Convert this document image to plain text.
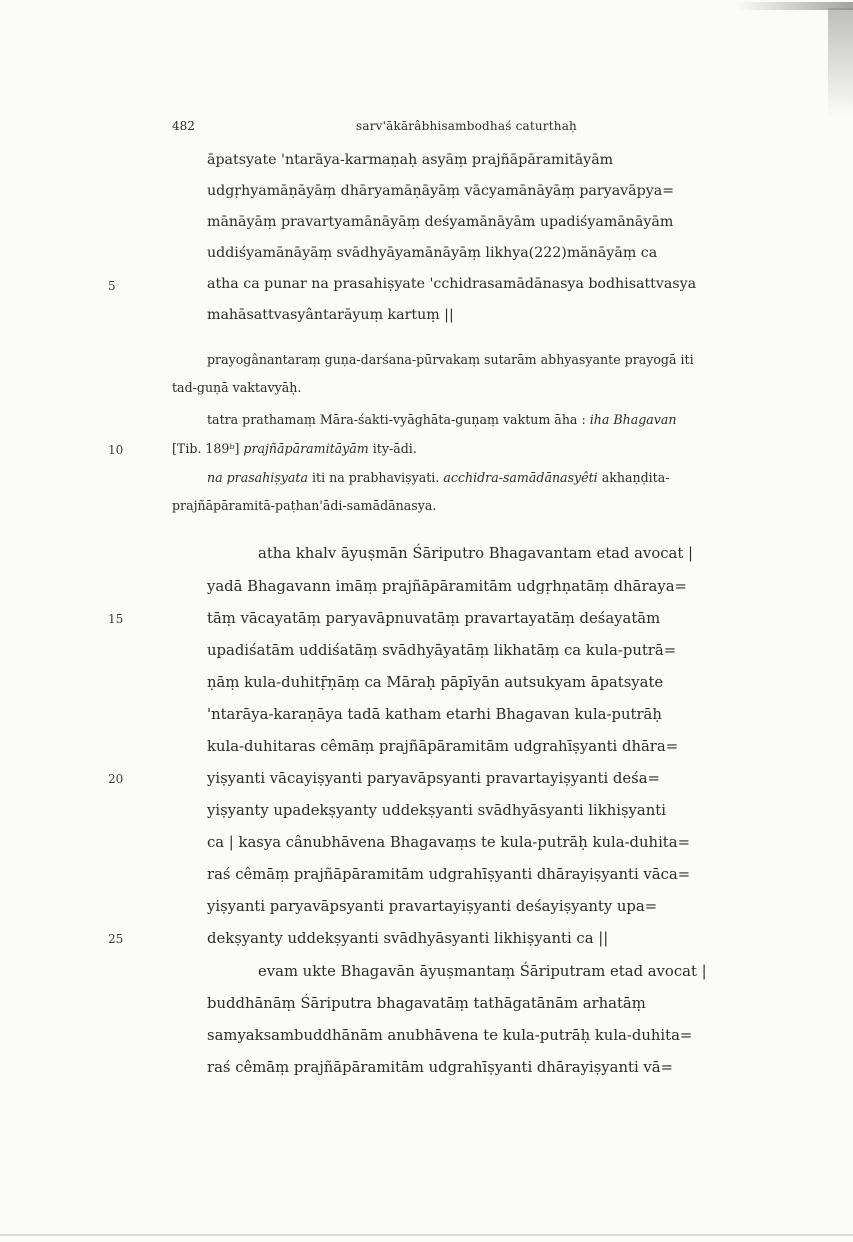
482	sarv'ākārâbhisambodhaś caturthaḥ
āpatsyate 'ntarāya-karmaṇaḥ asyāṃ prajñāpāramitāyām
udgṛhyamāṇāyāṃ dhāryamāṇāyāṃ vācyamānāyāṃ paryavāpya=
mānāyāṃ pravartyamānāyāṃ deśyamānāyām upadiśyamānāyām
uddiśyamānāyāṃ svādhyāyamānāyāṃ likhya(222)mānāyāṃ ca
atha ca punar na prasahiṣyate 'cchidrasamādānasya bodhisattvasya
mahāsattvasyântarāyuṃ kartuṃ ||
prayogânantaraṃ guṇa-darśana-pūrvakaṃ sutarām abhyasyante prayogā iti
tad-guṇā vaktavyāḥ.
tatra prathamaṃ Māra-śakti-vyāghāta-guṇaṃ vaktum āha : iha Bhagavan
[Tib. 189ᵇ] prajñāpāramitāyām ity-ādi.
na prasahiṣyata iti na prabhaviṣyati. acchidra-samādānasyêti akhaṇḍita-
prajñāpāramitā-paṭhan'ādi-samādānasya.
atha khalv āyuṣmān Śāriputro Bhagavantam etad avocat |
yadā Bhagavann imāṃ prajñāpāramitām udgṛhṇatāṃ dhāraya=
tāṃ vācayatāṃ paryavāpnuvatāṃ pravartayatāṃ deśayatām
upadiśatām uddiśatāṃ svādhyāyatāṃ likhatāṃ ca kula-putrā=
ṇāṃ kula-duhitṝṇāṃ ca Māraḥ pāpīyān autsukyam āpatsyate
'ntarāya-karaṇāya tadā katham etarhi Bhagavan kula-putrāḥ
kula-duhitaras cêmāṃ prajñāpāramitām udgrahīṣyanti dhāra=
yiṣyanti vācayiṣyanti paryavāpsyanti pravartayiṣyanti deśa=
yiṣyanty upadekṣyanty uddekṣyanti svādhyāsyanti likhiṣyanti
ca | kasya cânubhāvena Bhagavaṃs te kula-putrāḥ kula-duhita=
raś cêmāṃ prajñāpāramitām udgrahīṣyanti dhārayiṣyanti vāca=
yiṣyanti paryavāpsyanti pravartayiṣyanti deśayiṣyanty upa=
dekṣyanty uddekṣyanti svādhyāsyanti likhiṣyanti ca ||
evam ukte Bhagavān āyuṣmantaṃ Śāriputram etad avocat |
buddhānāṃ Śāriputra bhagavatāṃ tathāgatānām arhatāṃ
samyaksambuddhānām anubhāvena te kula-putrāḥ kula-duhita=
raś cêmāṃ prajñāpāramitām udgrahīṣyanti dhārayiṣyanti vā=
5
10
15
20
25
